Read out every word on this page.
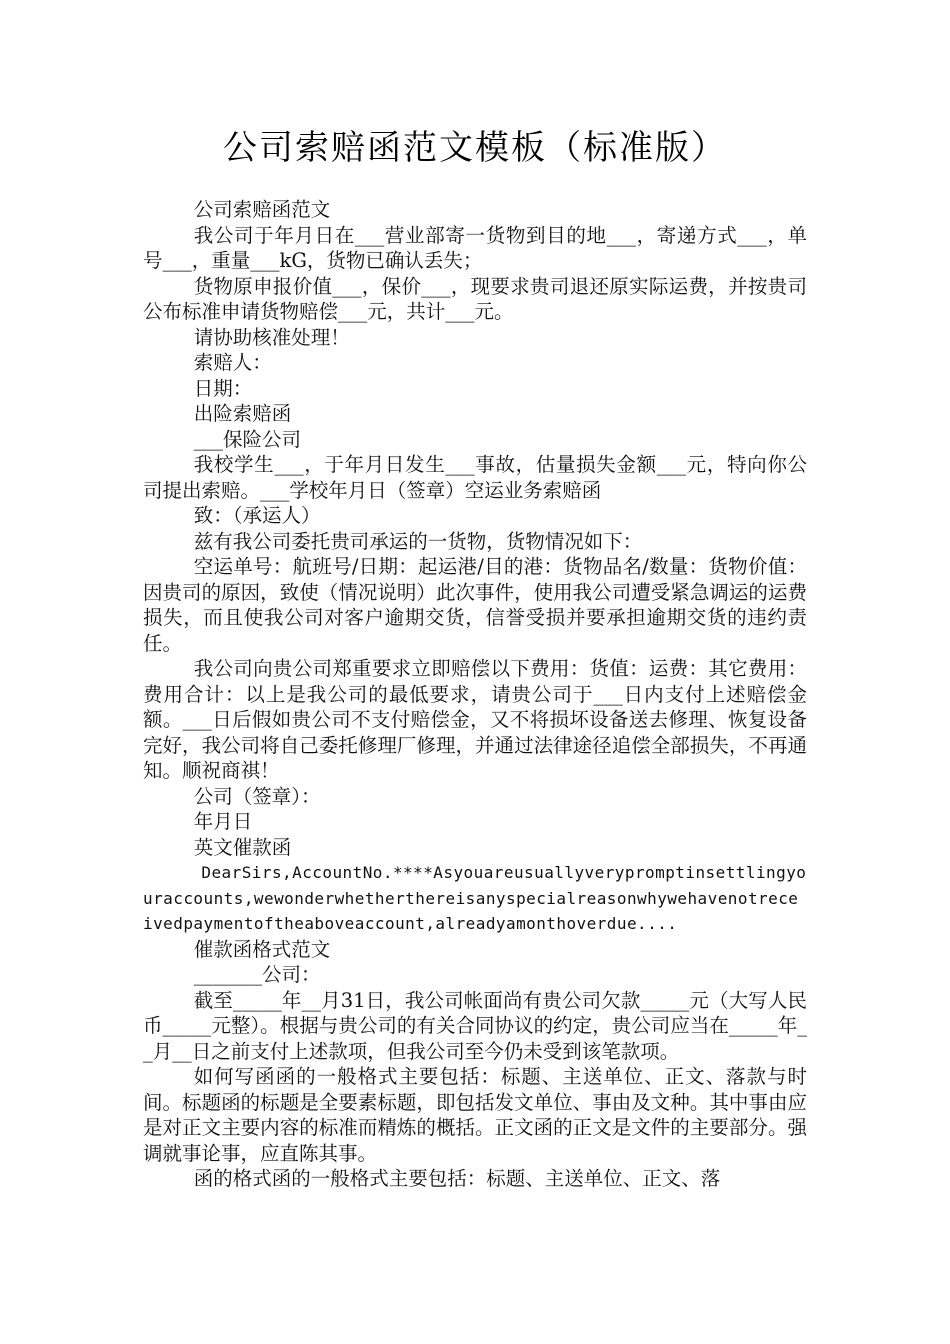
公司索赔函范文模板（标准版）

公司索赔函范文

我公司于年月日在___营业部寄一货物到目的地___，寄递方式___，单号___，重量___kG，货物已确认丢失；

货物原申报价值___，保价___，现要求贵司退还原实际运费，并按贵司公布标准申请货物赔偿___元，共计___元。

请协助核准处理！

索赔人：

日期：

出险索赔函

___保险公司

我校学生___，于年月日发生___事故，估量损失金额___元，特向你公司提出索赔。___学校年月日（签章）空运业务索赔函

致：（承运人）

兹有我公司委托贵司承运的一货物，货物情况如下：

空运单号：航班号/日期：起运港/目的港：货物品名/数量：货物价值：因贵司的原因，致使（情况说明）此次事件，使用我公司遭受紧急调运的运费损失，而且使我公司对客户逾期交货，信誉受损并要承担逾期交货的违约责任。

我公司向贵公司郑重要求立即赔偿以下费用：货值：运费：其它费用：费用合计：以上是我公司的最低要求，请贵公司于___日内支付上述赔偿金额。___日后假如贵公司不支付赔偿金，又不将损坏设备送去修理、恢复设备完好，我公司将自己委托修理厂修理，并通过法律途径追偿全部损失，不再通知。顺祝商祺！

公司（签章）：

年月日

英文催款函

DearSirs,AccountNo.****Asyouareusuallyverypromptinsettlingyouraccounts,wewonderwhetherthereisanyspecialreasonwhywehavenotreceivedpaymentoftheaboveaccount,alreadyamonthoverdue....

催款函格式范文

_______公司：

截至_____年__月31日，我公司帐面尚有贵公司欠款_____元（大写人民币_____元整）。根据与贵公司的有关合同协议的约定，贵公司应当在_____年__月__日之前支付上述款项，但我公司至今仍未受到该笔款项。

如何写函函的一般格式主要包括：标题、主送单位、正文、落款与时间。标题函的标题是全要素标题，即包括发文单位、事由及文种。其中事由应是对正文主要内容的标准而精炼的概括。正文函的正文是文件的主要部分。强调就事论事，应直陈其事。

函的格式函的一般格式主要包括：标题、主送单位、正文、落
